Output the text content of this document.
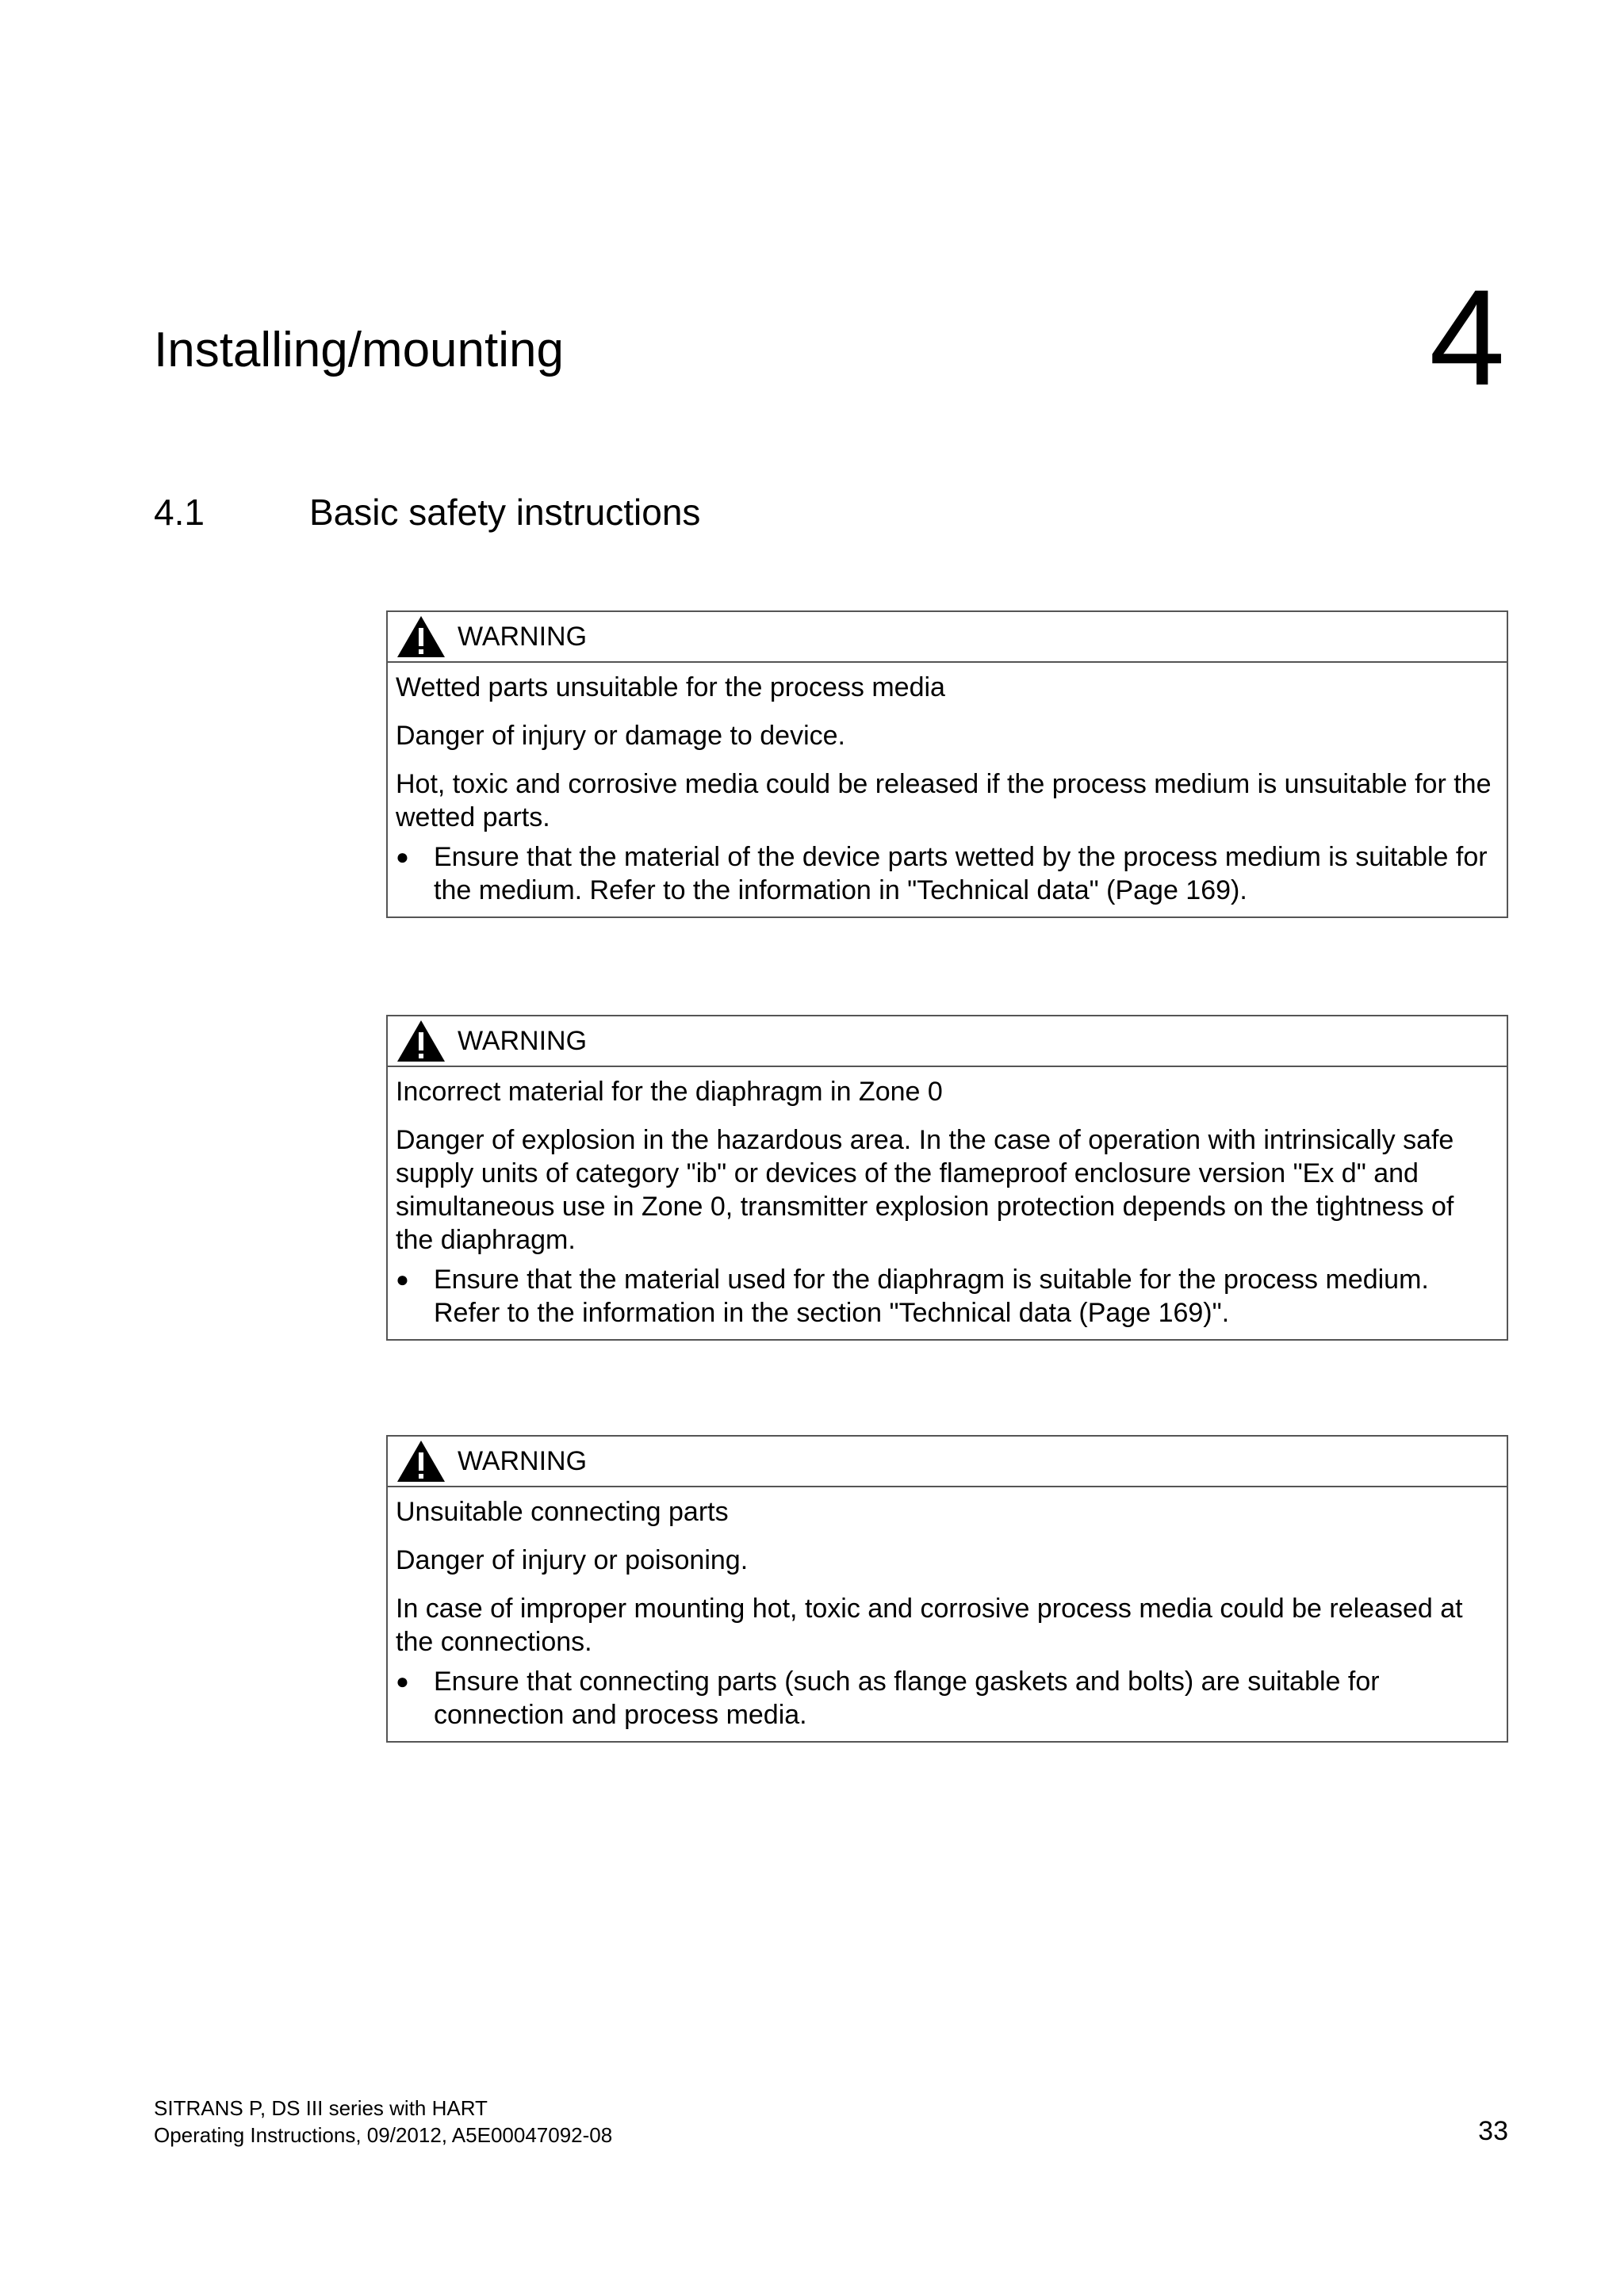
Installing/mounting	4
4.1	Basic safety instructions
WARNING

Wetted parts unsuitable for the process media

Danger of injury or damage to device.

Hot, toxic and corrosive media could be released if the process medium is unsuitable for the wetted parts.

● Ensure that the material of the device parts wetted by the process medium is suitable for the medium. Refer to the information in "Technical data" (Page 169).
WARNING

Incorrect material for the diaphragm in Zone 0

Danger of explosion in the hazardous area. In the case of operation with intrinsically safe supply units of category "ib" or devices of the flameproof enclosure version "Ex d" and simultaneous use in Zone 0, transmitter explosion protection depends on the tightness of the diaphragm.

● Ensure that the material used for the diaphragm is suitable for the process medium. Refer to the information in the section "Technical data (Page 169)".
WARNING

Unsuitable connecting parts

Danger of injury or poisoning.

In case of improper mounting hot, toxic and corrosive process media could be released at the connections.

● Ensure that connecting parts (such as flange gaskets and bolts) are suitable for connection and process media.
SITRANS P, DS III series with HART
Operating Instructions, 09/2012, A5E00047092-08	33
